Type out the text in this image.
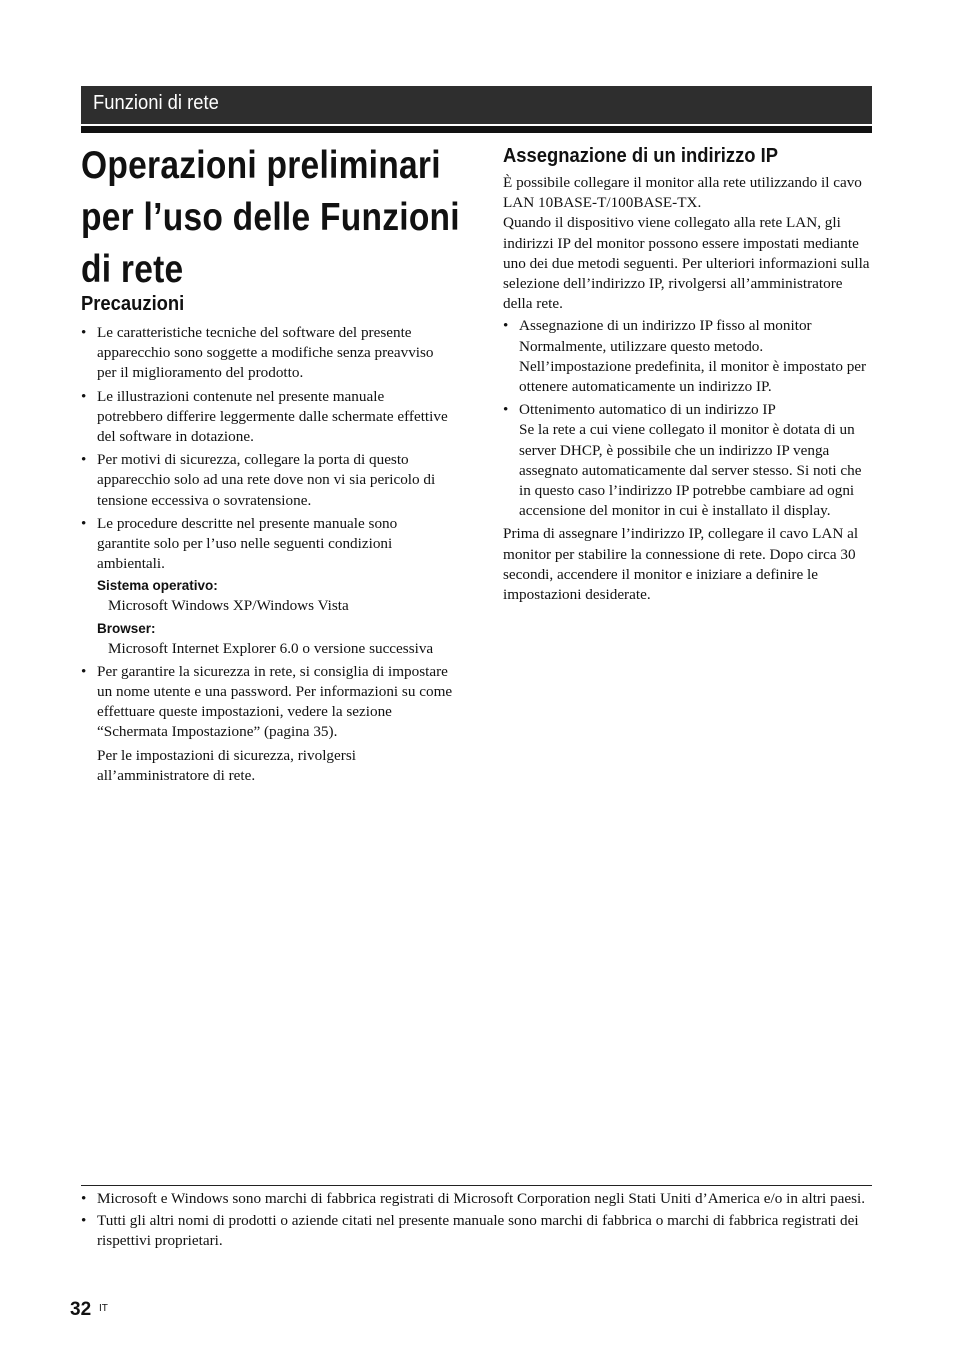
Funzioni di rete
Operazioni preliminari
per l’uso delle Funzioni
di rete
Precauzioni
• Le caratteristiche tecniche del software del presente apparecchio sono soggette a modifiche senza preavviso per il miglioramento del prodotto.
• Le illustrazioni contenute nel presente manuale potrebbero differire leggermente dalle schermate effettive del software in dotazione.
• Per motivi di sicurezza, collegare la porta di questo apparecchio solo ad una rete dove non vi sia pericolo di tensione eccessiva o sovratensione.
• Le procedure descritte nel presente manuale sono garantite solo per l’uso nelle seguenti condizioni ambientali.
Sistema operativo:
Microsoft Windows XP/Windows Vista
Browser:
Microsoft Internet Explorer 6.0 o versione successiva
• Per garantire la sicurezza in rete, si consiglia di impostare un nome utente e una password. Per informazioni su come effettuare queste impostazioni, vedere la sezione “Schermata Impostazione” (pagina 35).
Per le impostazioni di sicurezza, rivolgersi all’amministratore di rete.
Assegnazione di un indirizzo IP
È possibile collegare il monitor alla rete utilizzando il cavo LAN 10BASE-T/100BASE-TX.
Quando il dispositivo viene collegato alla rete LAN, gli indirizzi IP del monitor possono essere impostati mediante uno dei due metodi seguenti. Per ulteriori informazioni sulla selezione dell’indirizzo IP, rivolgersi all’amministratore della rete.
• Assegnazione di un indirizzo IP fisso al monitor
Normalmente, utilizzare questo metodo. Nell’impostazione predefinita, il monitor è impostato per ottenere automaticamente un indirizzo IP.
• Ottenimento automatico di un indirizzo IP
Se la rete a cui viene collegato il monitor è dotata di un server DHCP, è possibile che un indirizzo IP venga assegnato automaticamente dal server stesso. Si noti che in questo caso l’indirizzo IP potrebbe cambiare ad ogni accensione del monitor in cui è installato il display.
Prima di assegnare l’indirizzo IP, collegare il cavo LAN al monitor per stabilire la connessione di rete. Dopo circa 30 secondi, accendere il monitor e iniziare a definire le impostazioni desiderate.
• Microsoft e Windows sono marchi di fabbrica registrati di Microsoft Corporation negli Stati Uniti d’America e/o in altri paesi.
• Tutti gli altri nomi di prodotti o aziende citati nel presente manuale sono marchi di fabbrica o marchi di fabbrica registrati dei rispettivi proprietari.
32 IT
